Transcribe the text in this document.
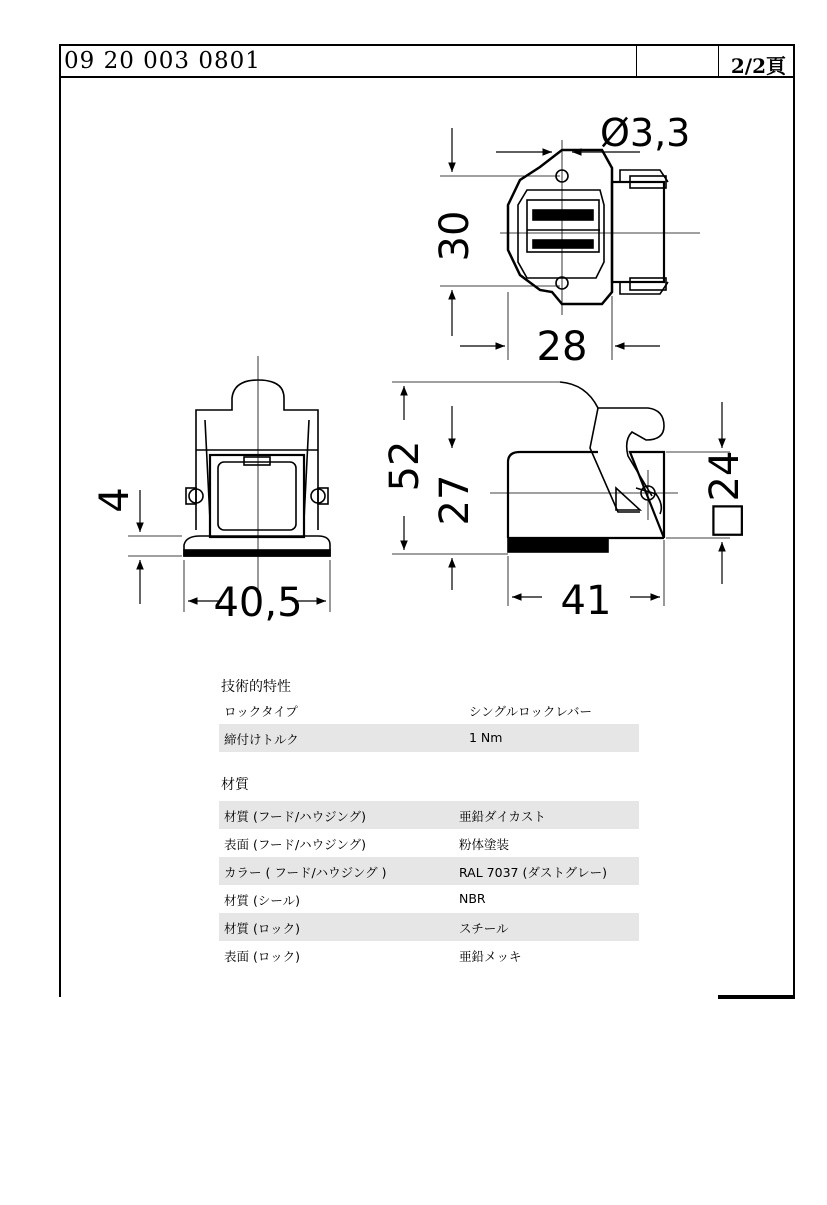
09 20 003 0801	2/2頁
Ø3,3
30
28
4
40,5
52
27
41
□24
技術的特性
ロックタイプ	シングルロックレバー
締付けトルク	1 Nm
材質
材質 (フード/ハウジング)	亜鉛ダイカスト
表面 (フード/ハウジング)	粉体塗装
カラー ( フード/ハウジング )	RAL 7037 (ダストグレー)
材質 (シール)	NBR
材質 (ロック)	スチール
表面 (ロック)	亜鉛メッキ
